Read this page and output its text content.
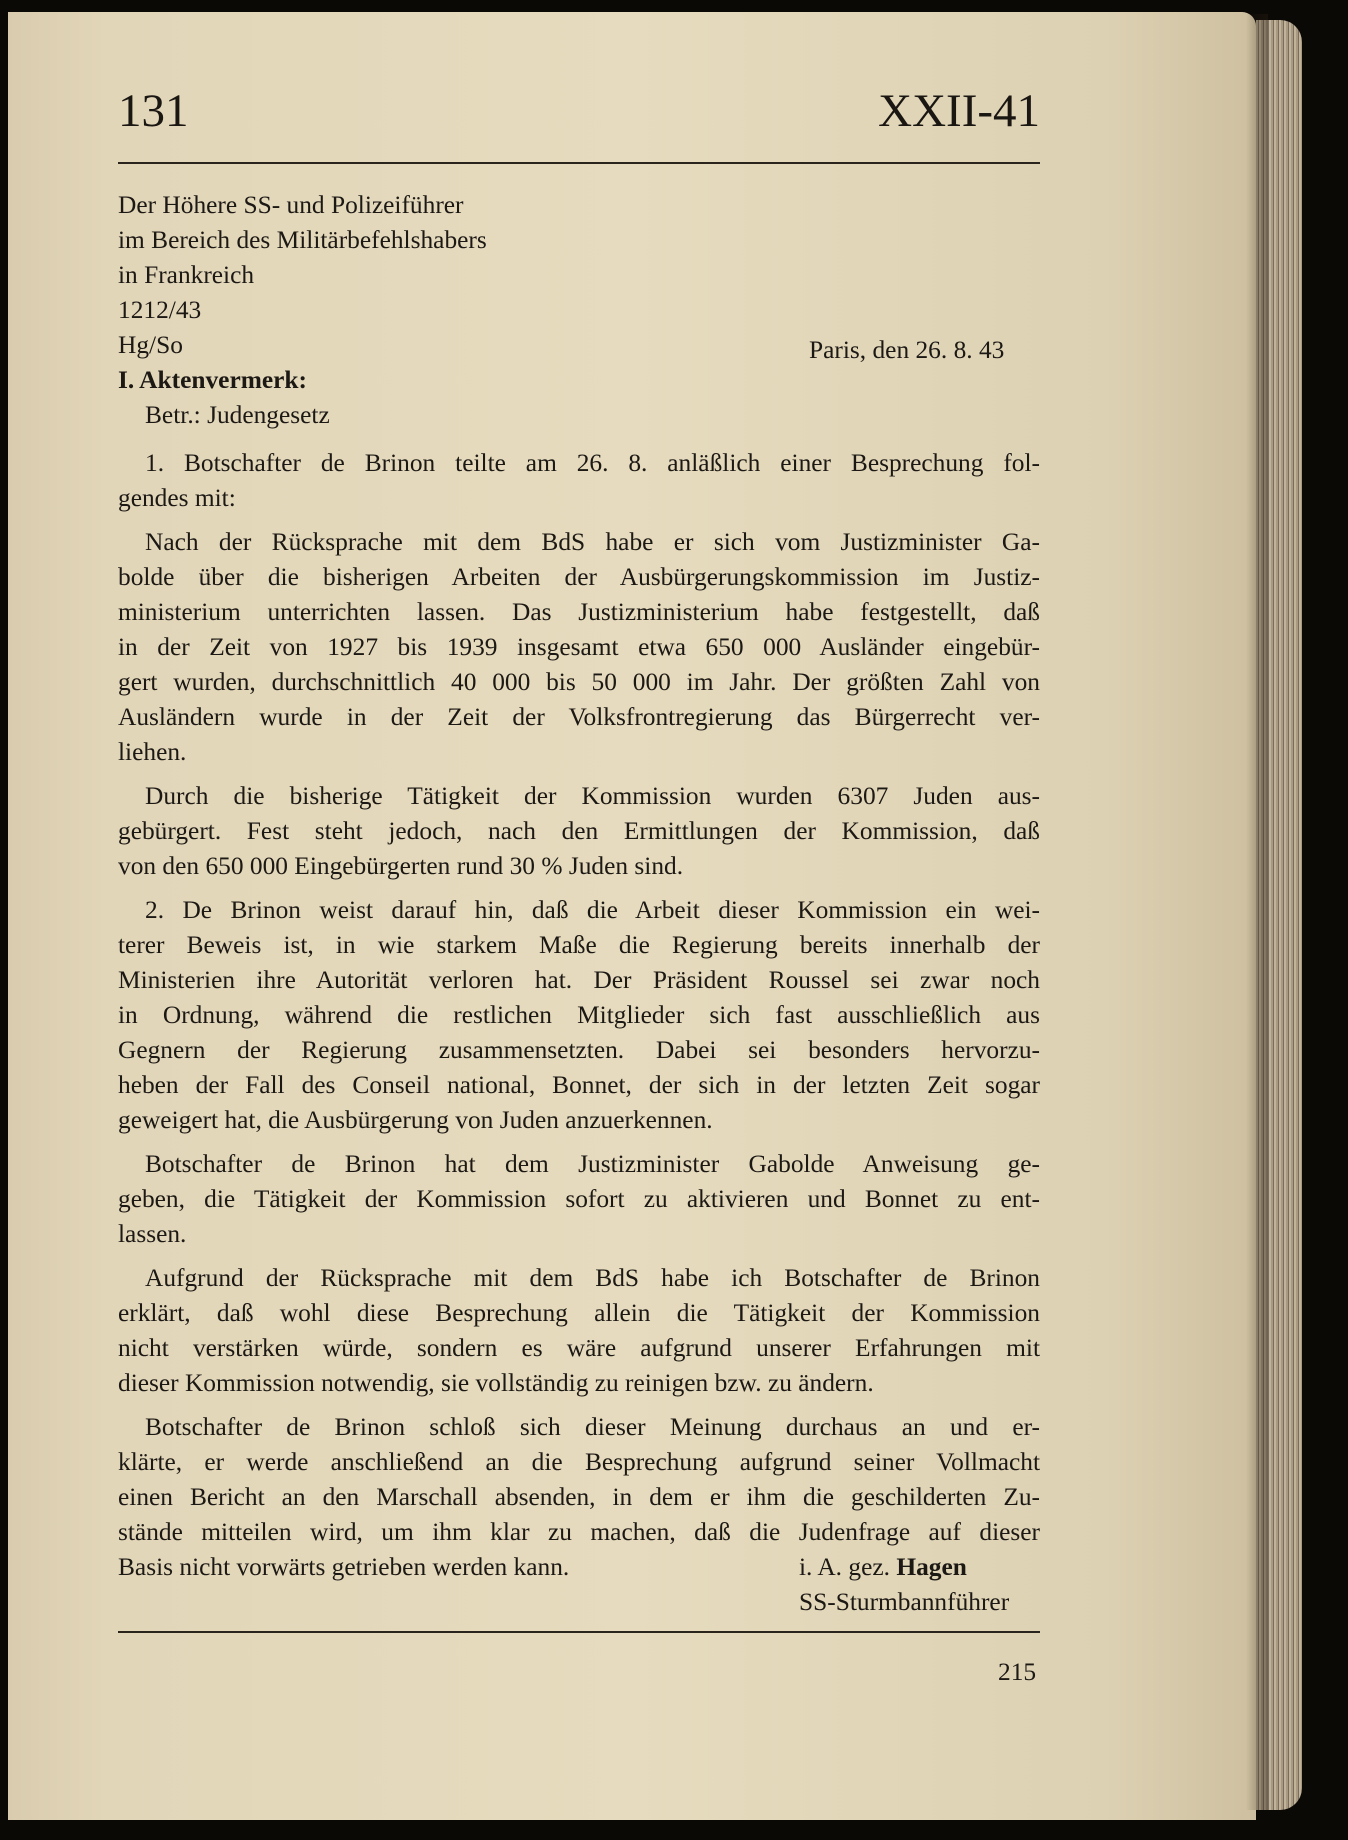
131	XXII-41
Der Höhere SS- und Polizeiführer
im Bereich des Militärbefehlshabers
in Frankreich
1212/43
Hg/So
I. Aktenvermerk:
Betr.: Judengesetz
Paris, den 26. 8. 43
1. Botschafter de Brinon teilte am 26. 8. anläßlich einer Besprechung fol-
gendes mit:
Nach der Rücksprache mit dem BdS habe er sich vom Justizminister Ga-
bolde über die bisherigen Arbeiten der Ausbürgerungskommission im Justiz-
ministerium unterrichten lassen. Das Justizministerium habe festgestellt, daß
in der Zeit von 1927 bis 1939 insgesamt etwa 650 000 Ausländer eingebür-
gert wurden, durchschnittlich 40 000 bis 50 000 im Jahr. Der größten Zahl von
Ausländern wurde in der Zeit der Volksfrontregierung das Bürgerrecht ver-
liehen.
Durch die bisherige Tätigkeit der Kommission wurden 6307 Juden aus-
gebürgert. Fest steht jedoch, nach den Ermittlungen der Kommission, daß
von den 650 000 Eingebürgerten rund 30 % Juden sind.
2. De Brinon weist darauf hin, daß die Arbeit dieser Kommission ein wei-
terer Beweis ist, in wie starkem Maße die Regierung bereits innerhalb der
Ministerien ihre Autorität verloren hat. Der Präsident Roussel sei zwar noch
in Ordnung, während die restlichen Mitglieder sich fast ausschließlich aus
Gegnern der Regierung zusammensetzten. Dabei sei besonders hervorzu-
heben der Fall des Conseil national, Bonnet, der sich in der letzten Zeit sogar
geweigert hat, die Ausbürgerung von Juden anzuerkennen.
Botschafter de Brinon hat dem Justizminister Gabolde Anweisung ge-
geben, die Tätigkeit der Kommission sofort zu aktivieren und Bonnet zu ent-
lassen.
Aufgrund der Rücksprache mit dem BdS habe ich Botschafter de Brinon
erklärt, daß wohl diese Besprechung allein die Tätigkeit der Kommission
nicht verstärken würde, sondern es wäre aufgrund unserer Erfahrungen mit
dieser Kommission notwendig, sie vollständig zu reinigen bzw. zu ändern.
Botschafter de Brinon schloß sich dieser Meinung durchaus an und er-
klärte, er werde anschließend an die Besprechung aufgrund seiner Vollmacht
einen Bericht an den Marschall absenden, in dem er ihm die geschilderten Zu-
stände mitteilen wird, um ihm klar zu machen, daß die Judenfrage auf dieser
Basis nicht vorwärts getrieben werden kann.	i. A. gez. Hagen
SS-Sturmbannführer
215
